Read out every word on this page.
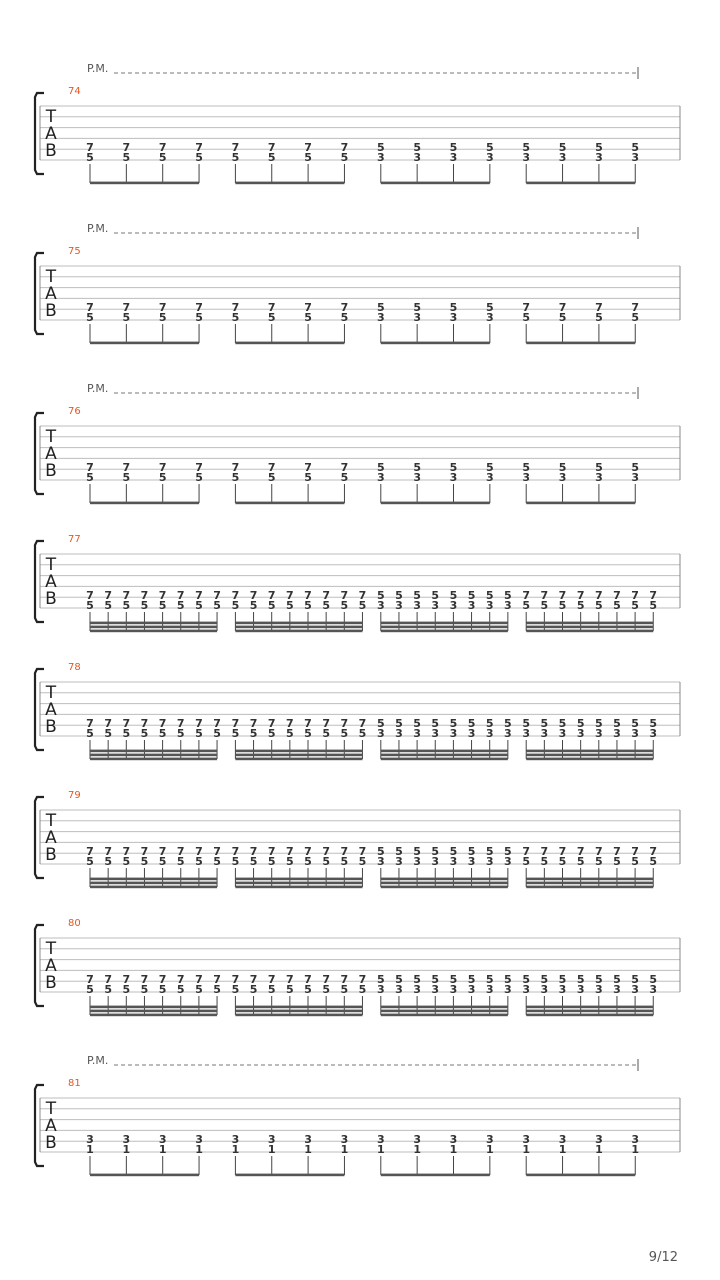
P.M.
74
T
A
B	7
5
7
5
7
5
7
5
7
5
7
5
7
5
7
5
5
3
5
3
5
3
5
3
5
3
5
3
5
3
5
3
P.M.
75
T
A
B	7
5
7
5
7
5
7
5
7
5
7
5
7
5
7
5
5
3
5
3
5
3
5
3
7
5
7
5
7
5
7
5
P.M.
76
T
A
B	7
5
7
5
7
5
7
5
7
5
7
5
7
5
7
5
5
3
5
3
5
3
5
3
5
3
5
3
5
3
5
3
77
T
A
B	7
5
7
5
7
5
7
5
7
5
7
5
7
5
7
5
7
5
7
5
7
5
7
5
7
5
7
5
7
5
7
5
5
3
5
3
5
3
5
3
5
3
5
3
5
3
5
3
7
5
7
5
7
5
7
5
7
5
7
5
7
5
7
5
78
T
A
B	7
5
7
5
7
5
7
5
7
5
7
5
7
5
7
5
7
5
7
5
7
5
7
5
7
5
7
5
7
5
7
5
5
3
5
3
5
3
5
3
5
3
5
3
5
3
5
3
5
3
5
3
5
3
5
3
5
3
5
3
5
3
5
3
79
T
A
B	7
5
7
5
7
5
7
5
7
5
7
5
7
5
7
5
7
5
7
5
7
5
7
5
7
5
7
5
7
5
7
5
5
3
5
3
5
3
5
3
5
3
5
3
5
3
5
3
7
5
7
5
7
5
7
5
7
5
7
5
7
5
7
5
80
T
A
B	7
5
7
5
7
5
7
5
7
5
7
5
7
5
7
5
7
5
7
5
7
5
7
5
7
5
7
5
7
5
7
5
5
3
5
3
5
3
5
3
5
3
5
3
5
3
5
3
5
3
5
3
5
3
5
3
5
3
5
3
5
3
5
3
P.M.
81
T
A
B	3
1
3
1
3
1
3
1
3
1
3
1
3
1
3
1
3
1
3
1
3
1
3
1
3
1
3
1
3
1
3
1
9/12
